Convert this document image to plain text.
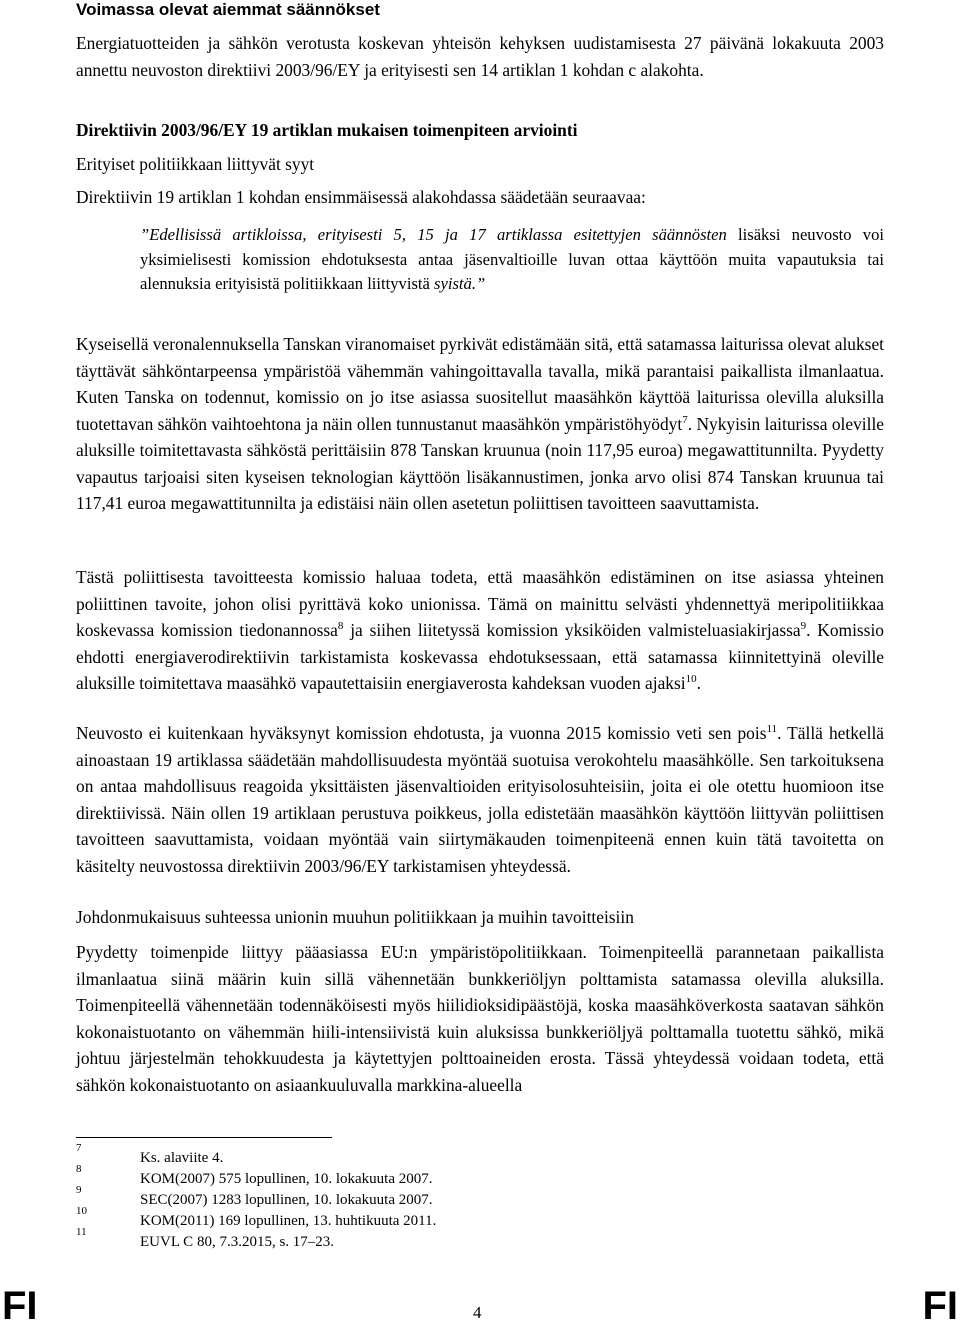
Voimassa olevat aiemmat säännökset

Energiatuotteiden ja sähkön verotusta koskevan yhteisön kehyksen uudistamisesta 27 päivänä lokakuuta 2003 annettu neuvoston direktiivi 2003/96/EY ja erityisesti sen 14 artiklan 1 kohdan c alakohta.

Direktiivin 2003/96/EY 19 artiklan mukaisen toimenpiteen arviointi
Erityiset politiikkaan liittyvät syyt
Direktiivin 19 artiklan 1 kohdan ensimmäisessä alakohdassa säädetään seuraavaa:
”Edellisissä artikloissa, erityisesti 5, 15 ja 17 artiklassa esitettyjen säännösten lisäksi neuvosto voi yksimielisesti komission ehdotuksesta antaa jäsenvaltioille luvan ottaa käyttöön muita vapautuksia tai alennuksia erityisistä politiikkaan liittyvistä syistä.”
Kyseisellä veronalennuksella Tanskan viranomaiset pyrkivät edistämään sitä, että satamassa laiturissa olevat alukset täyttävät sähköntarpeensa ympäristöä vähemmän vahingoittavalla tavalla, mikä parantaisi paikallista ilmanlaatua. Kuten Tanska on todennut, komissio on jo itse asiassa suositellut maasähkön käyttöä laiturissa olevilla aluksilla tuotettavan sähkön vaihtoehtona ja näin ollen tunnustanut maasähkön ympäristöhyödyt$^7$. Nykyisin laiturissa oleville aluksille toimitettavasta sähköstä perittäisiin 878 Tanskan kruunua (noin 117,95 euroa) megawattitunnilta. Pyydetty vapautus tarjoaisi siten kyseisen teknologian käyttöön lisäkannustimen, jonka arvo olisi 874 Tanskan kruunua tai 117,41 euroa megawattitunnilta ja edistäisi näin ollen asetetun poliittisen tavoitteen saavuttamista.
Tästä poliittisesta tavoitteesta komissio haluaa todeta, että maasähkön edistäminen on itse asiassa yhteinen poliittinen tavoite, johon olisi pyrittävä koko unionissa. Tämä on mainittu selvästi yhdennettyä meripolitiikkaa koskevassa komission tiedonannossa$^8$ ja siihen liitetyssä komission yksiköiden valmisteluasiakirjassa$^9$. Komissio ehdotti energiaverodirektiivin tarkistamista koskevassa ehdotuksessaan, että satamassa kiinnitettyinä oleville aluksille toimitettava maasähkö vapautettaisiin energiaverosta kahdeksan vuoden ajaksi$^{10}$.
Neuvosto ei kuitenkaan hyväksynyt komission ehdotusta, ja vuonna 2015 komissio veti sen pois$^{11}$. Tällä hetkellä ainoastaan 19 artiklassa säädetään mahdollisuudesta myöntää suotuisa verokohtelu maasähkölle. Sen tarkoituksena on antaa mahdollisuus reagoida yksittäisten jäsenvaltioiden erityisolosuhteisiin, joita ei ole otettu huomioon itse direktiivissä. Näin ollen 19 artiklaan perustuva poikkeus, jolla edistetään maasähkön käyttöön liittyvän poliittisen tavoitteen saavuttamista, voidaan myöntää vain siirtymäkauden toimenpiteenä ennen kuin tätä tavoitetta on käsitelty neuvostossa direktiivin 2003/96/EY tarkistamisen yhteydessä.
Johdonmukaisuus suhteessa unionin muuhun politiikkaan ja muihin tavoitteisiin
Pyydetty toimenpide liittyy pääasiassa EU:n ympäristöpolitiikkaan. Toimenpiteellä parannetaan paikallista ilmanlaatua siinä määrin kuin sillä vähennetään bunkkeriöljyn polttamista satamassa olevilla aluksilla. Toimenpiteellä vähennetään todennäköisesti myös hiilidioksidipäästöjä, koska maasähköverkosta saatavan sähkön kokonaistuotanto on vähemmän hiili-intensiivistä kuin aluksissa bunkkeriöljyä polttamalla tuotettu sähkö, mikä johtuu järjestelmän tehokkuudesta ja käytettyjen polttoaineiden erosta. Tässä yhteydessä voidaan todeta, että sähkön kokonaistuotanto on asiaankuuluvalla markkina-alueella
7
Ks. alaviite 4.
8
KOM(2007) 575 lopullinen, 10. lokakuuta 2007.
9
SEC(2007) 1283 lopullinen, 10. lokakuuta 2007.
10
KOM(2011) 169 lopullinen, 13. huhtikuuta 2011.
11
EUVL C 80, 7.3.2015, s. 17–23.
FI	4	FI
